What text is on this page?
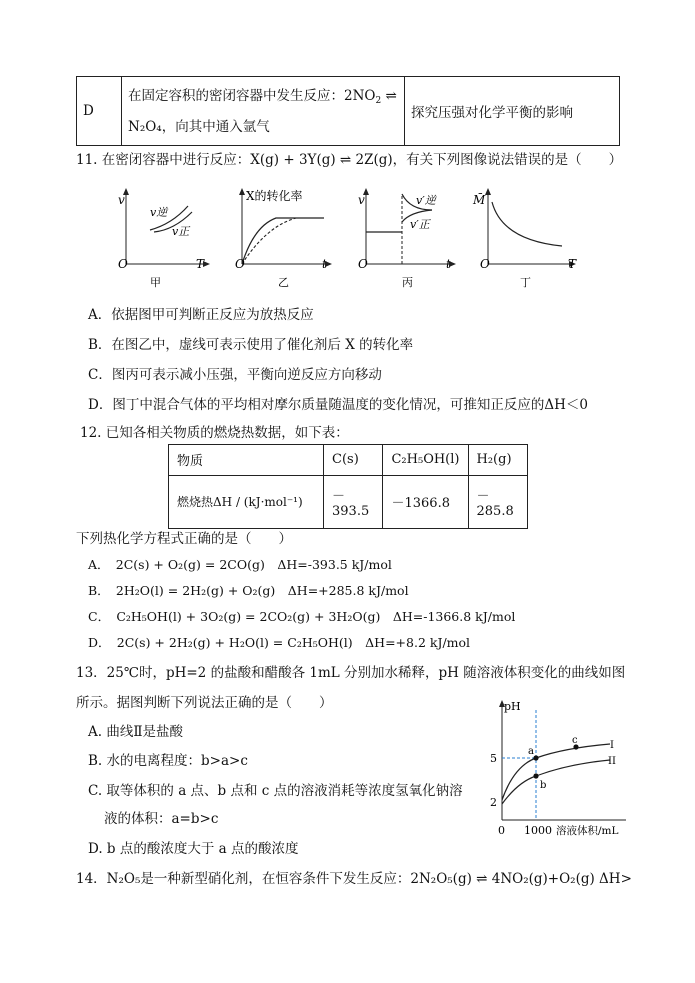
D	在固定容积的密闭容器中发生反应：$2NO_2$ ⇌
N₂O₄，向其中通入氩气	探究压强对化学平衡的影响
11. 在密闭容器中进行反应：X(g) + 3Y(g) ⇌ 2Z(g)，有关下列图像说法错误的是（　　）
v
v逆
v正
O	T
甲
X的转化率
O	t
乙
v	v′逆
v′正
O	t
丙
M̄
O	T
丁
A．依据图甲可判断正反应为放热反应
B．在图乙中，虚线可表示使用了催化剂后 X 的转化率
C．图丙可表示减小压强，平衡向逆反应方向移动
D．图丁中混合气体的平均相对摩尔质量随温度的变化情况，可推知正反应的ΔH＜0
12. 已知各相关物质的燃烧热数据，如下表：
物质	C(s)	C₂H₅OH(l)	H₂(g)
燃烧热ΔH / (kJ·mol⁻¹)	－393.5	－1366.8	－285.8
下列热化学方程式正确的是（　　）
A．　2C(s) + O₂(g) = 2CO(g)　ΔH=-393.5 kJ/mol
B．　2H₂O(l) = 2H₂(g) + O₂(g)　ΔH=+285.8 kJ/mol
C．　C₂H₅OH(l) + 3O₂(g) = 2CO₂(g) + 3H₂O(g)　ΔH=-1366.8 kJ/mol
D．　2C(s) + 2H₂(g) + H₂O(l) = C₂H₅OH(l)　ΔH=+8.2 kJ/mol
13．25℃时，pH=2 的盐酸和醋酸各 1mL 分别加水稀释，pH 随溶液体积变化的曲线如图
所示。据图判断下列说法正确的是（　　）
A. 曲线Ⅱ是盐酸
B. 水的电离程度：b>a>c
C. 取等体积的 a 点、b 点和 c 点的溶液消耗等浓度氢氧化钠溶
液的体积：a=b>c
D. b 点的酸浓度大于 a 点的酸浓度
pH
5
2
a
b
c	I
II
0 1000 溶液体积/mL
14．N₂O₅是一种新型硝化剂，在恒容条件下发生反应：2N₂O₅(g) ⇌ 4NO₂(g)+O₂(g) ΔH>
